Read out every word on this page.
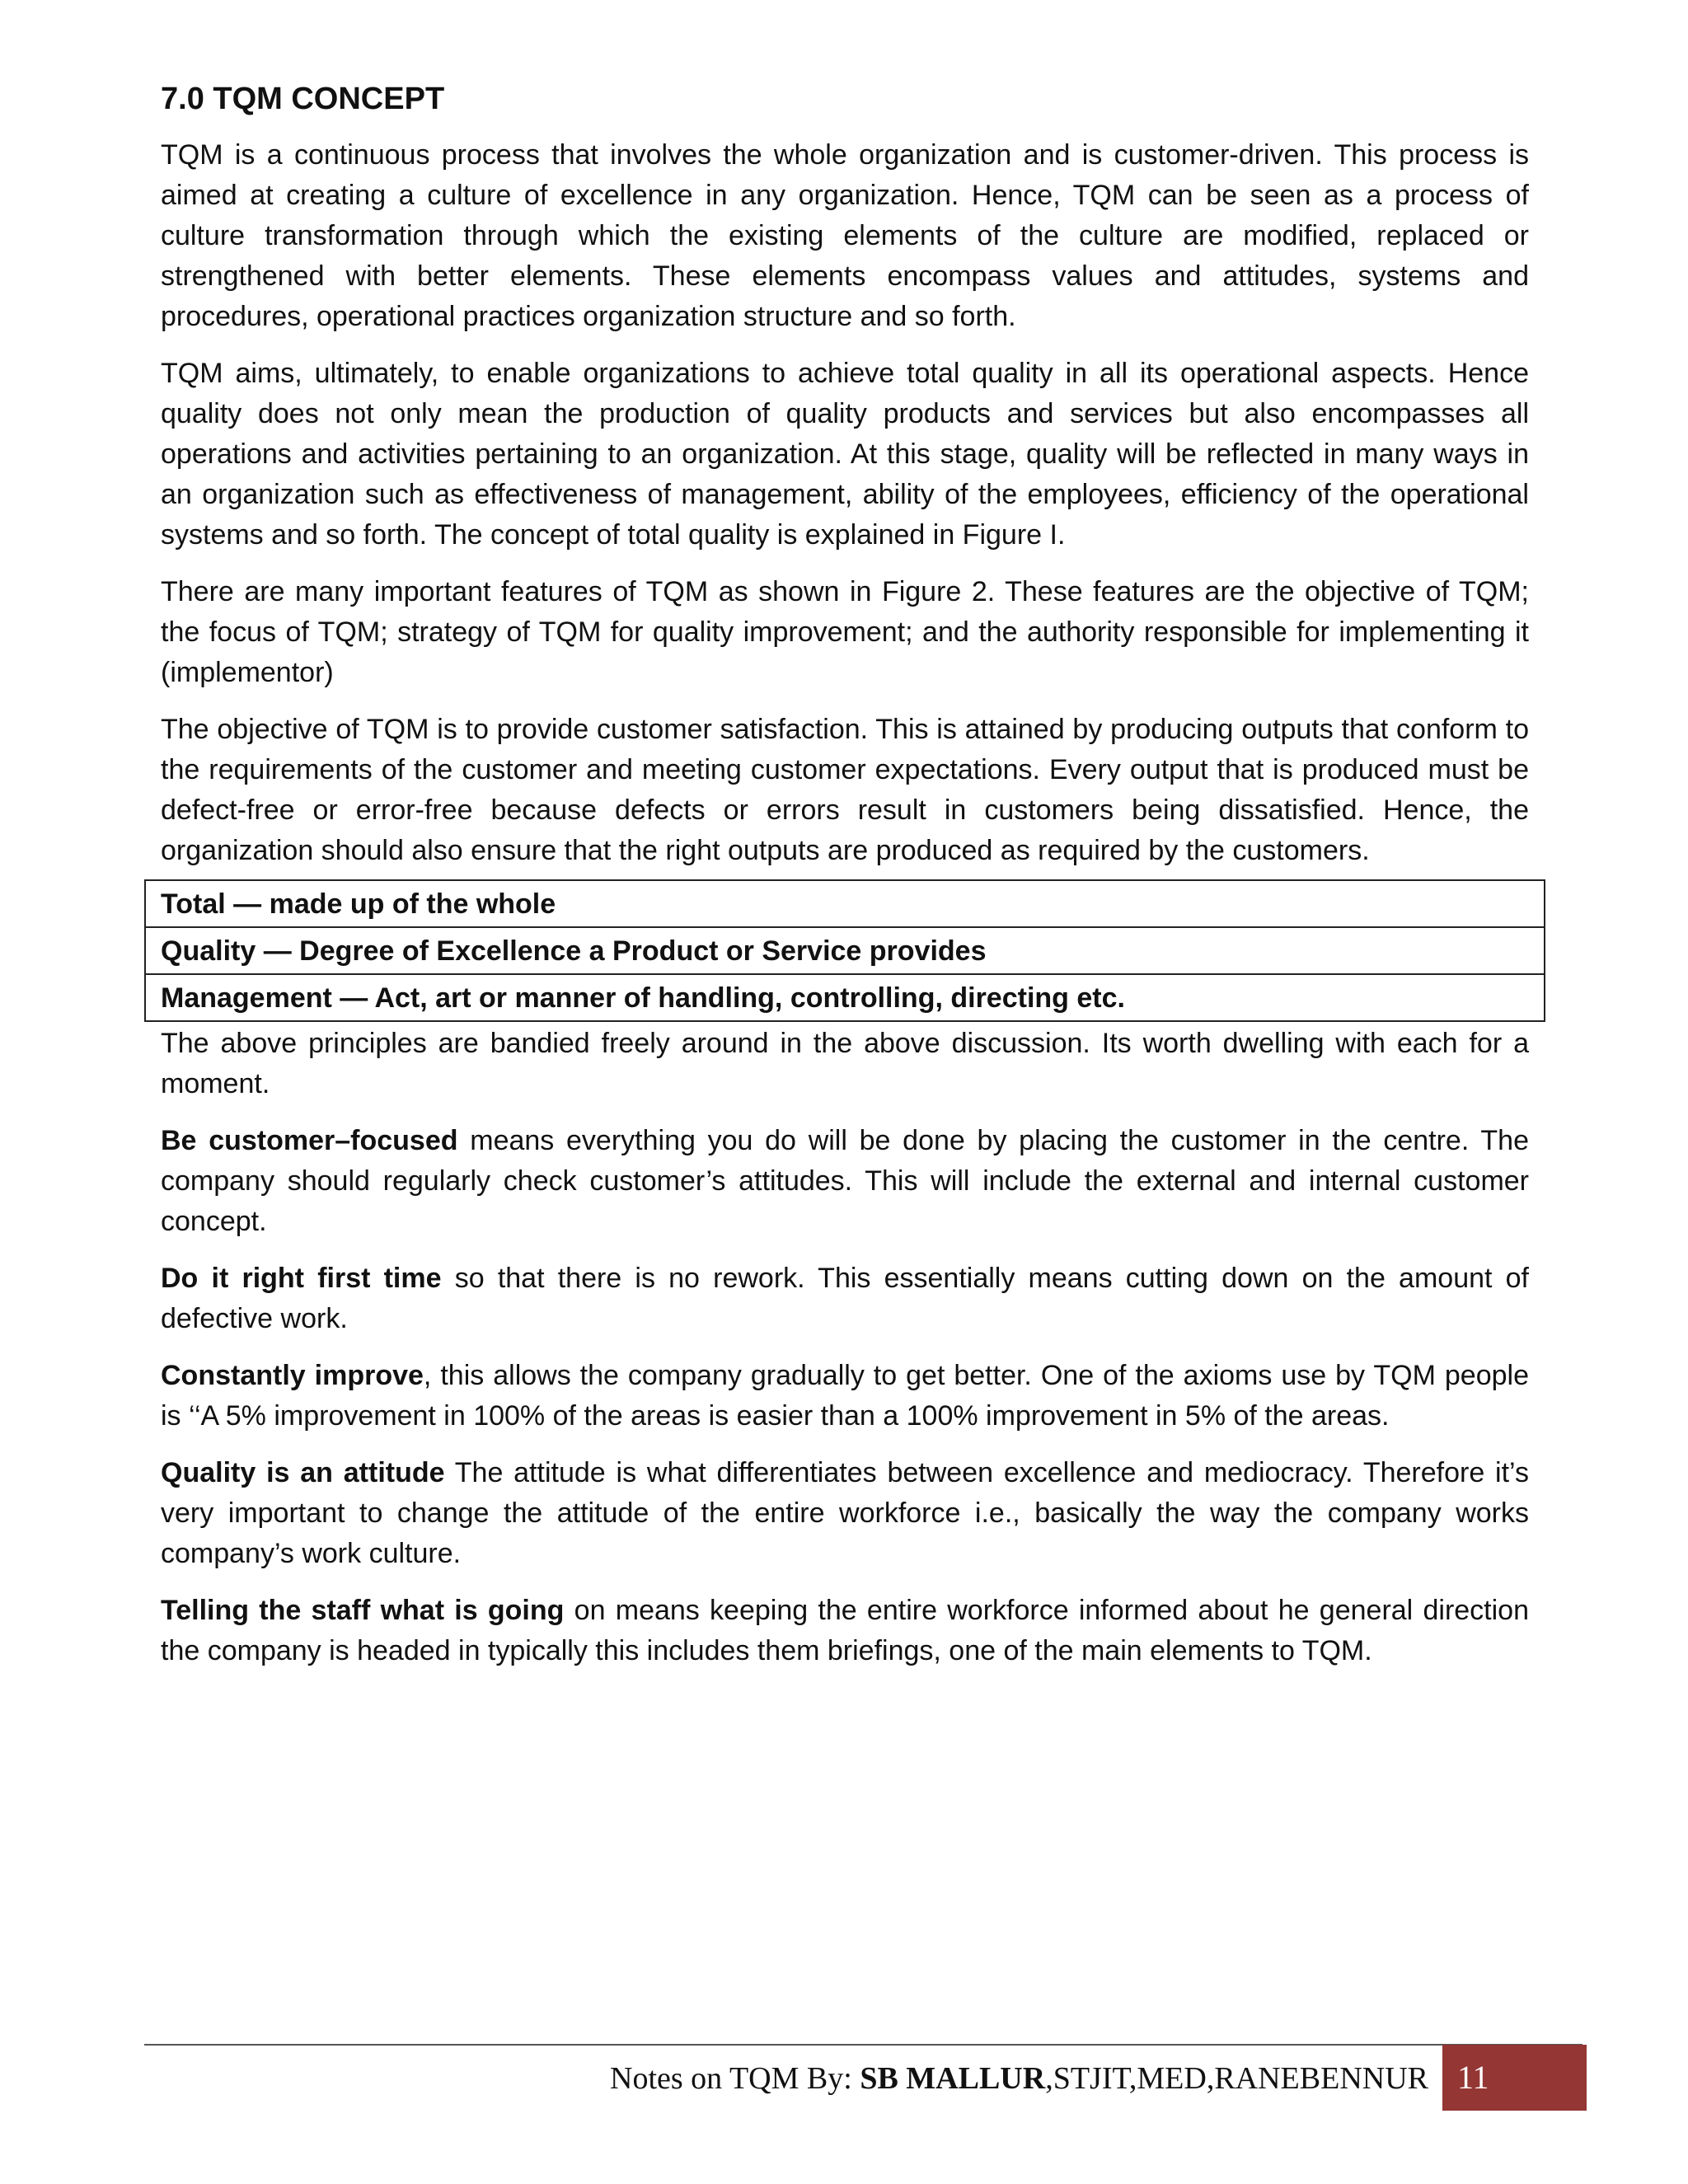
7.0 TQM CONCEPT

TQM is a continuous process that involves the whole organization and is customer-driven. This process is aimed at creating a culture of excellence in any organization. Hence, TQM can be seen as a process of culture transformation through which the existing elements of the culture are modified, replaced or strengthened with better elements. These elements encompass values and attitudes, systems and procedures, operational practices organization structure and so forth.

TQM aims, ultimately, to enable organizations to achieve total quality in all its operational aspects. Hence quality does not only mean the production of quality products and services but also encompasses all operations and activities pertaining to an organization. At this stage, quality will be reflected in many ways in an organization such as effectiveness of management, ability of the employees, efficiency of the operational systems and so forth. The concept of total quality is explained in Figure I.

There are many important features of TQM as shown in Figure 2. These features are the objective of TQM; the focus of TQM; strategy of TQM for quality improvement; and the authority responsible for implementing it (implementor)

The objective of TQM is to provide customer satisfaction. This is attained by producing outputs that conform to the requirements of the customer and meeting customer expectations. Every output that is produced must be defect-free or error-free because defects or errors result in customers being dissatisfied. Hence, the organization should also ensure that the right outputs are produced as required by the customers.

Total — made up of the whole
Quality — Degree of Excellence a Product or Service provides
Management — Act, art or manner of handling, controlling, directing etc.

The above principles are bandied freely around in the above discussion. Its worth dwelling with each for a moment.

Be customer–focused means everything you do will be done by placing the customer in the centre. The company should regularly check customer’s attitudes. This will include the external and internal customer concept.

Do it right first time so that there is no rework. This essentially means cutting down on the amount of defective work.

Constantly improve, this allows the company gradually to get better. One of the axioms use by TQM people is ‘‘A 5% improvement in 100% of the areas is easier than a 100% improvement in 5% of the areas.

Quality is an attitude The attitude is what differentiates between excellence and mediocracy. Therefore it’s very important to change the attitude of the entire workforce i.e., basically the way the company works company’s work culture.

Telling the staff what is going on means keeping the entire workforce informed about he general direction the company is headed in typically this includes them briefings, one of the main elements to TQM.

Notes on TQM By: SB MALLUR,STJIT,MED,RANEBENNUR 11
